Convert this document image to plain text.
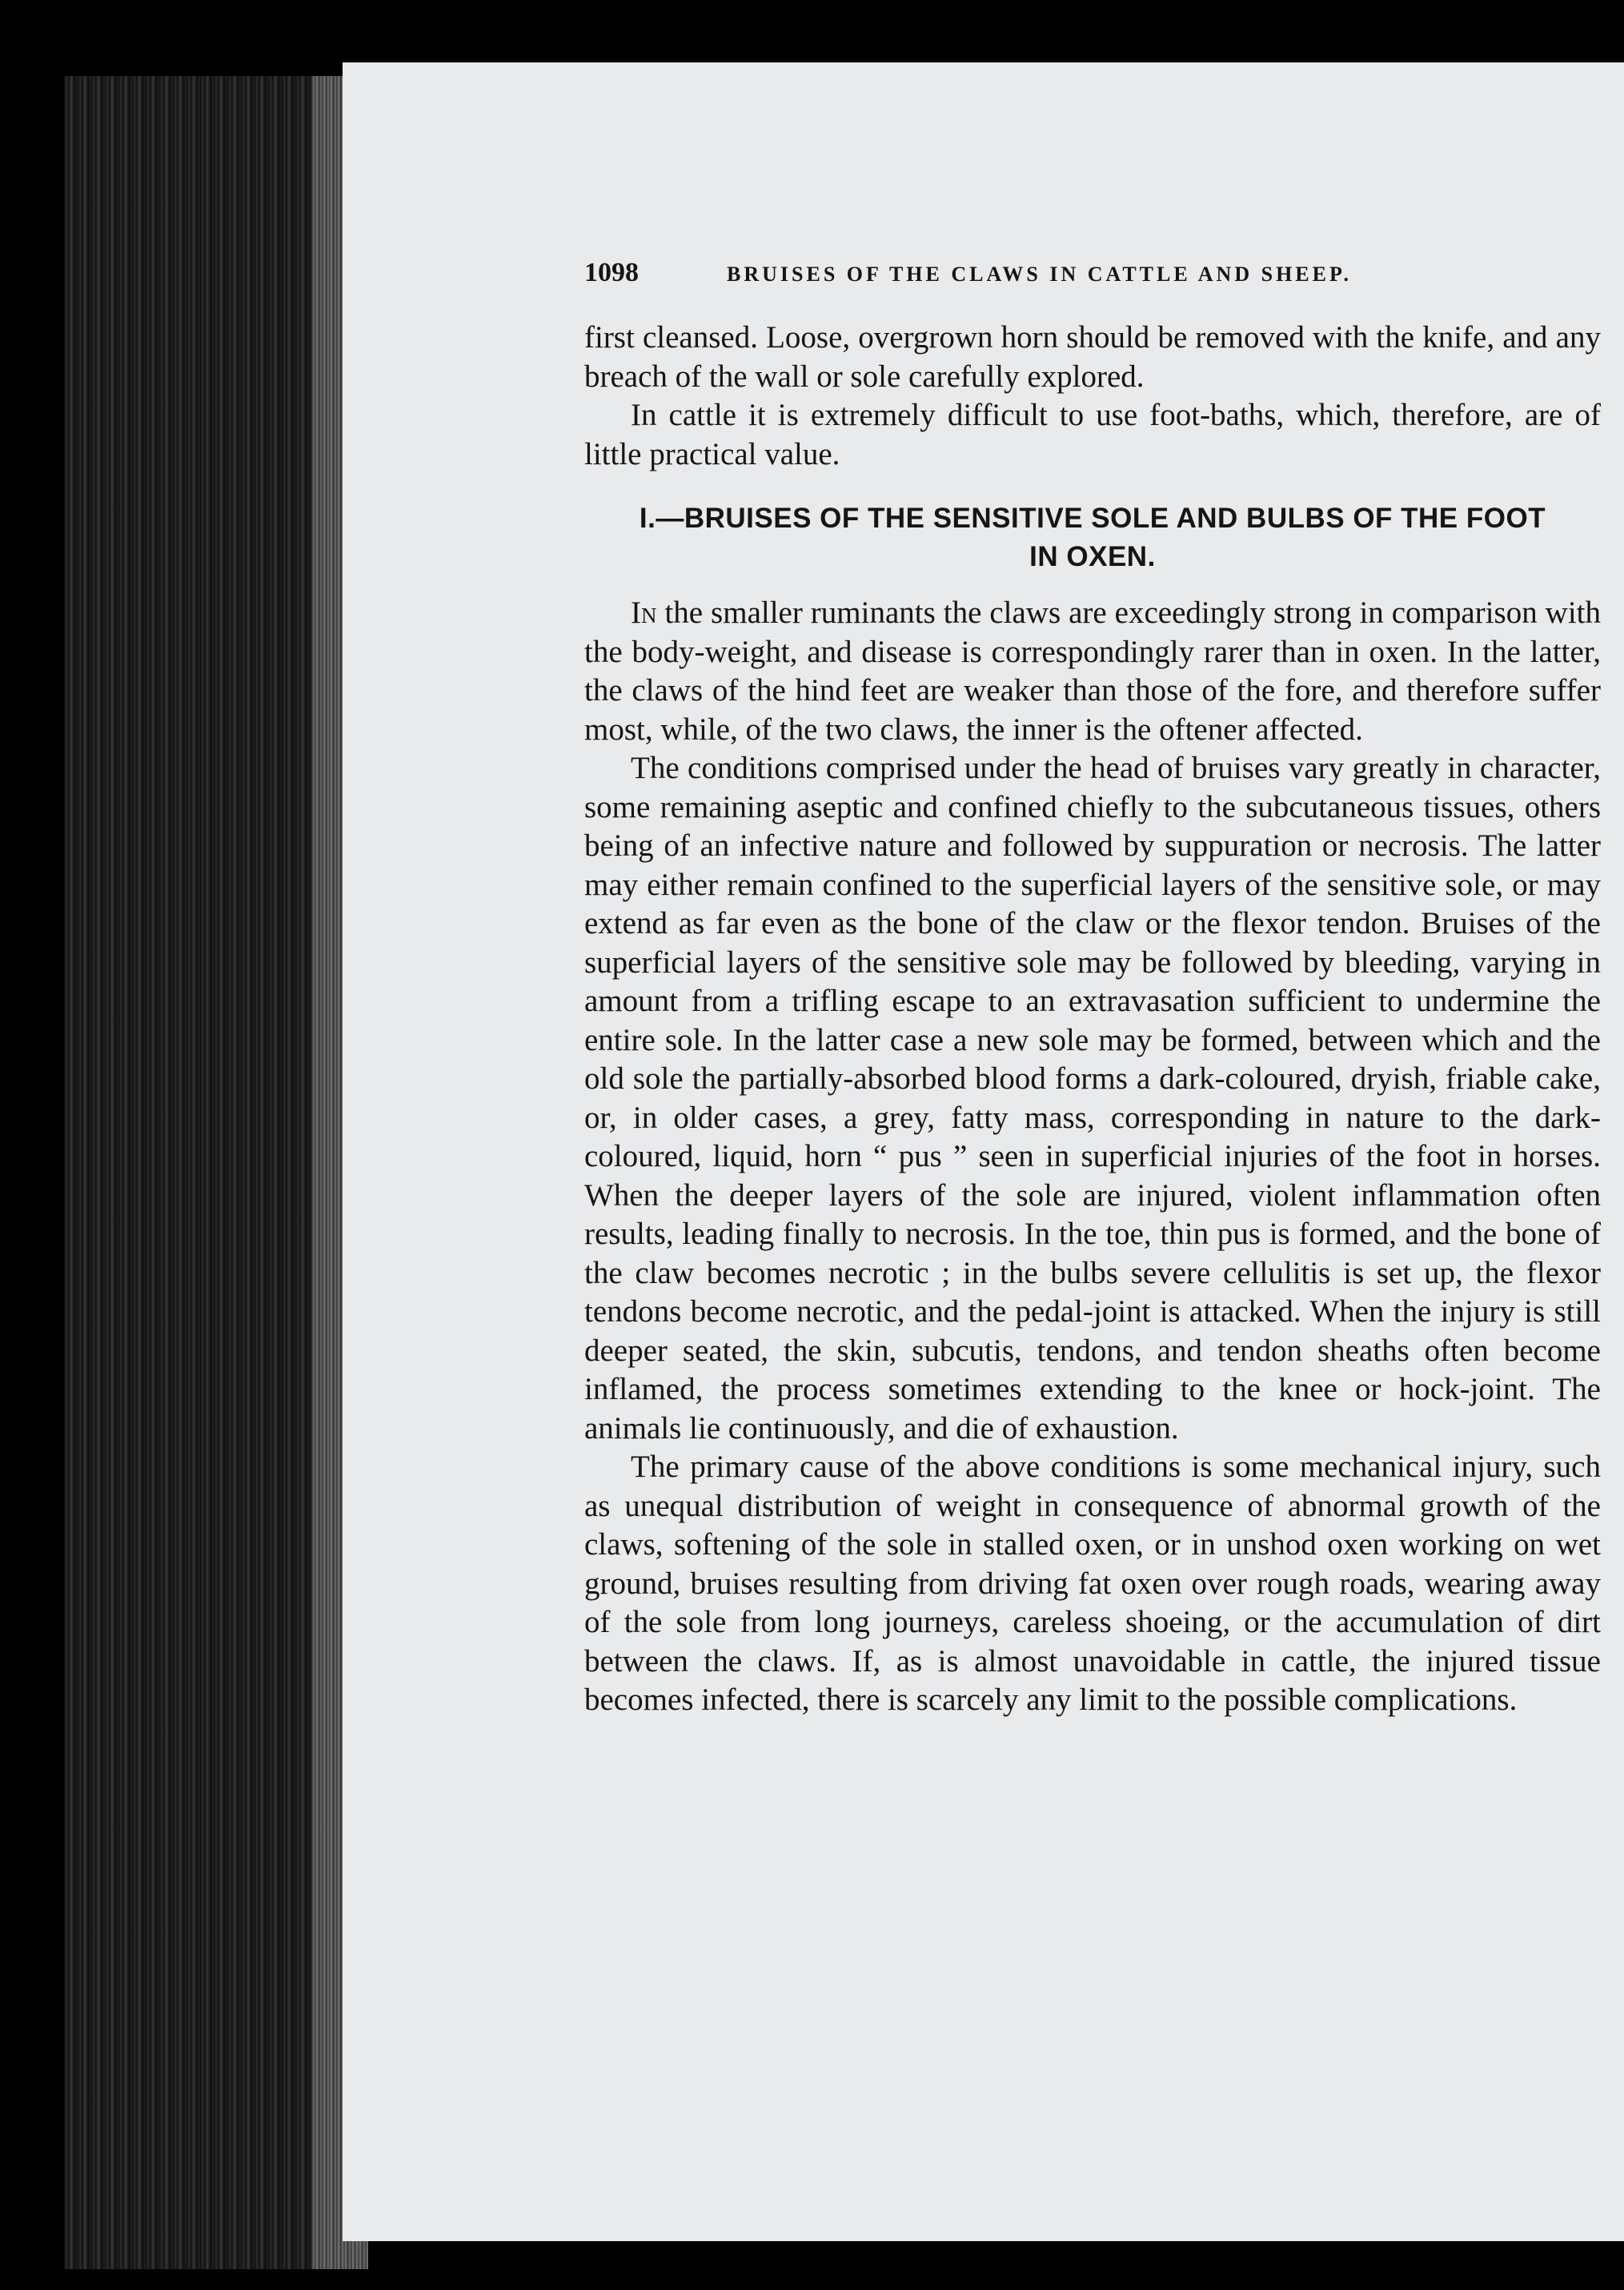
1098	BRUISES OF THE CLAWS IN CATTLE AND SHEEP.

first cleansed. Loose, overgrown horn should be removed with the knife, and any breach of the wall or sole carefully explored.

In cattle it is extremely difficult to use foot-baths, which, therefore, are of little practical value.

I.—BRUISES OF THE SENSITIVE SOLE AND BULBS OF THE FOOT
IN OXEN.

In the smaller ruminants the claws are exceedingly strong in comparison with the body-weight, and disease is correspondingly rarer than in oxen. In the latter, the claws of the hind feet are weaker than those of the fore, and therefore suffer most, while, of the two claws, the inner is the oftener affected.

The conditions comprised under the head of bruises vary greatly in character, some remaining aseptic and confined chiefly to the subcutaneous tissues, others being of an infective nature and followed by suppuration or necrosis. The latter may either remain confined to the superficial layers of the sensitive sole, or may extend as far even as the bone of the claw or the flexor tendon. Bruises of the superficial layers of the sensitive sole may be followed by bleeding, varying in amount from a trifling escape to an extravasation sufficient to undermine the entire sole. In the latter case a new sole may be formed, between which and the old sole the partially-absorbed blood forms a dark-coloured, dryish, friable cake, or, in older cases, a grey, fatty mass, corresponding in nature to the dark-coloured, liquid, horn “ pus ” seen in superficial injuries of the foot in horses. When the deeper layers of the sole are injured, violent inflammation often results, leading finally to necrosis. In the toe, thin pus is formed, and the bone of the claw becomes necrotic ; in the bulbs severe cellulitis is set up, the flexor tendons become necrotic, and the pedal-joint is attacked. When the injury is still deeper seated, the skin, subcutis, tendons, and tendon sheaths often become inflamed, the process sometimes extending to the knee or hock-joint. The animals lie continuously, and die of exhaustion.

The primary cause of the above conditions is some mechanical injury, such as unequal distribution of weight in consequence of abnormal growth of the claws, softening of the sole in stalled oxen, or in unshod oxen working on wet ground, bruises resulting from driving fat oxen over rough roads, wearing away of the sole from long journeys, careless shoeing, or the accumulation of dirt between the claws. If, as is almost unavoidable in cattle, the injured tissue becomes infected, there is scarcely any limit to the possible complications.
